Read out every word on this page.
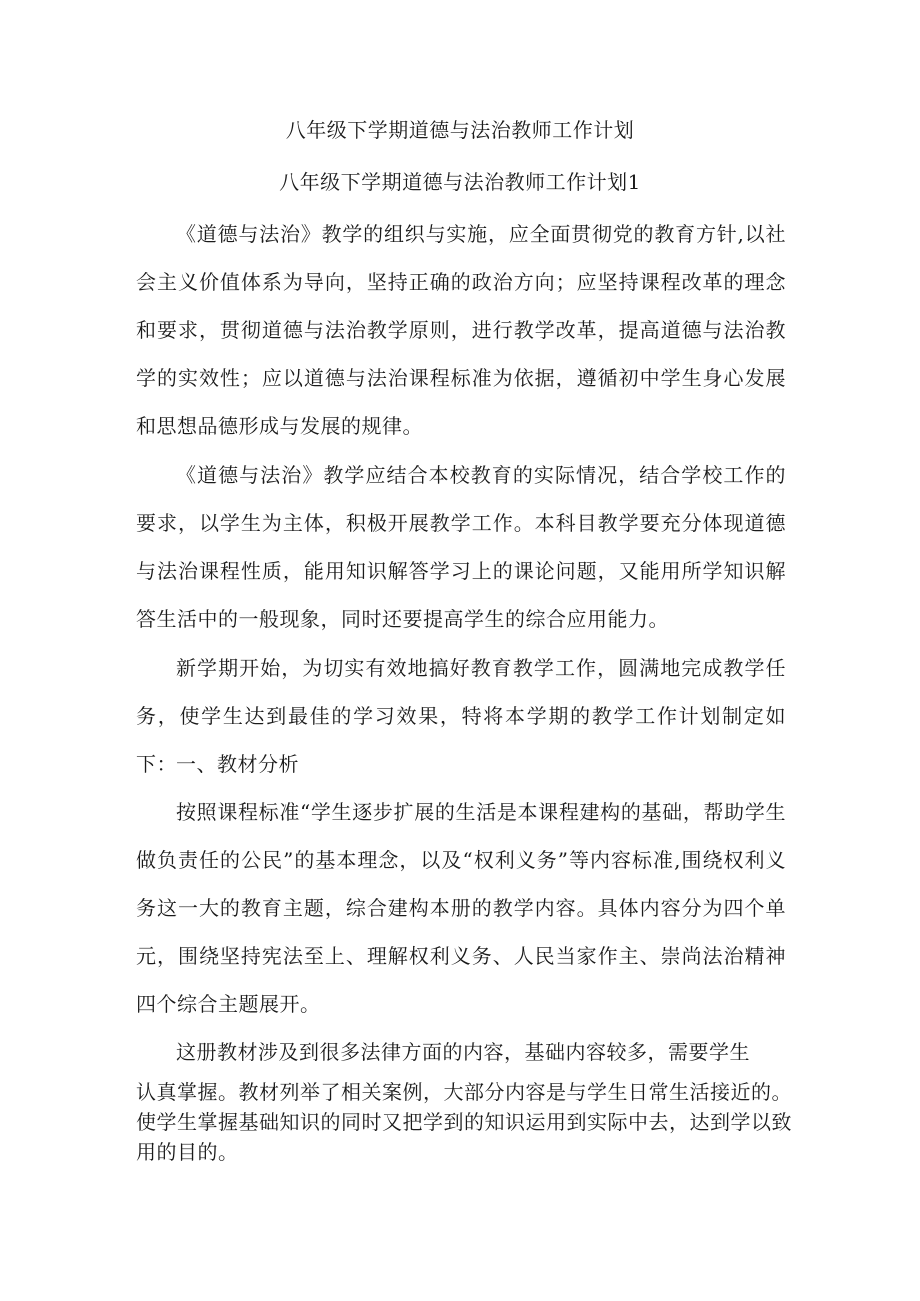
八年级下学期道德与法治教师工作计划
八年级下学期道德与法治教师工作计划1

《道德与法治》教学的组织与实施，应全面贯彻党的教育方针,以社会主义价值体系为导向，坚持正确的政治方向；应坚持课程改革的理念和要求，贯彻道德与法治教学原则，进行教学改革，提高道德与法治教学的实效性；应以道德与法治课程标准为依据，遵循初中学生身心发展和思想品德形成与发展的规律。

《道德与法治》教学应结合本校教育的实际情况，结合学校工作的要求，以学生为主体，积极开展教学工作。本科目教学要充分体现道德与法治课程性质，能用知识解答学习上的课论问题，又能用所学知识解答生活中的一般现象，同时还要提高学生的综合应用能力。

新学期开始，为切实有效地搞好教育教学工作，圆满地完成教学任务，使学生达到最佳的学习效果，特将本学期的教学工作计划制定如下： 一、教材分析

按照课程标准“学生逐步扩展的生活是本课程建构的基础，帮助学生做负责任的公民”的基本理念，以及“权利义务”等内容标准,围绕权利义务这一大的教育主题，综合建构本册的教学内容。具体内容分为四个单元，围绕坚持宪法至上、理解权利义务、人民当家作主、崇尚法治精神四个综合主题展开。

这册教材涉及到很多法律方面的内容，基础内容较多，需要学生

认真掌握。教材列举了相关案例，大部分内容是与学生日常生活接近的。

使学生掌握基础知识的同时又把学到的知识运用到实际中去，达到学以致

用的目的。
